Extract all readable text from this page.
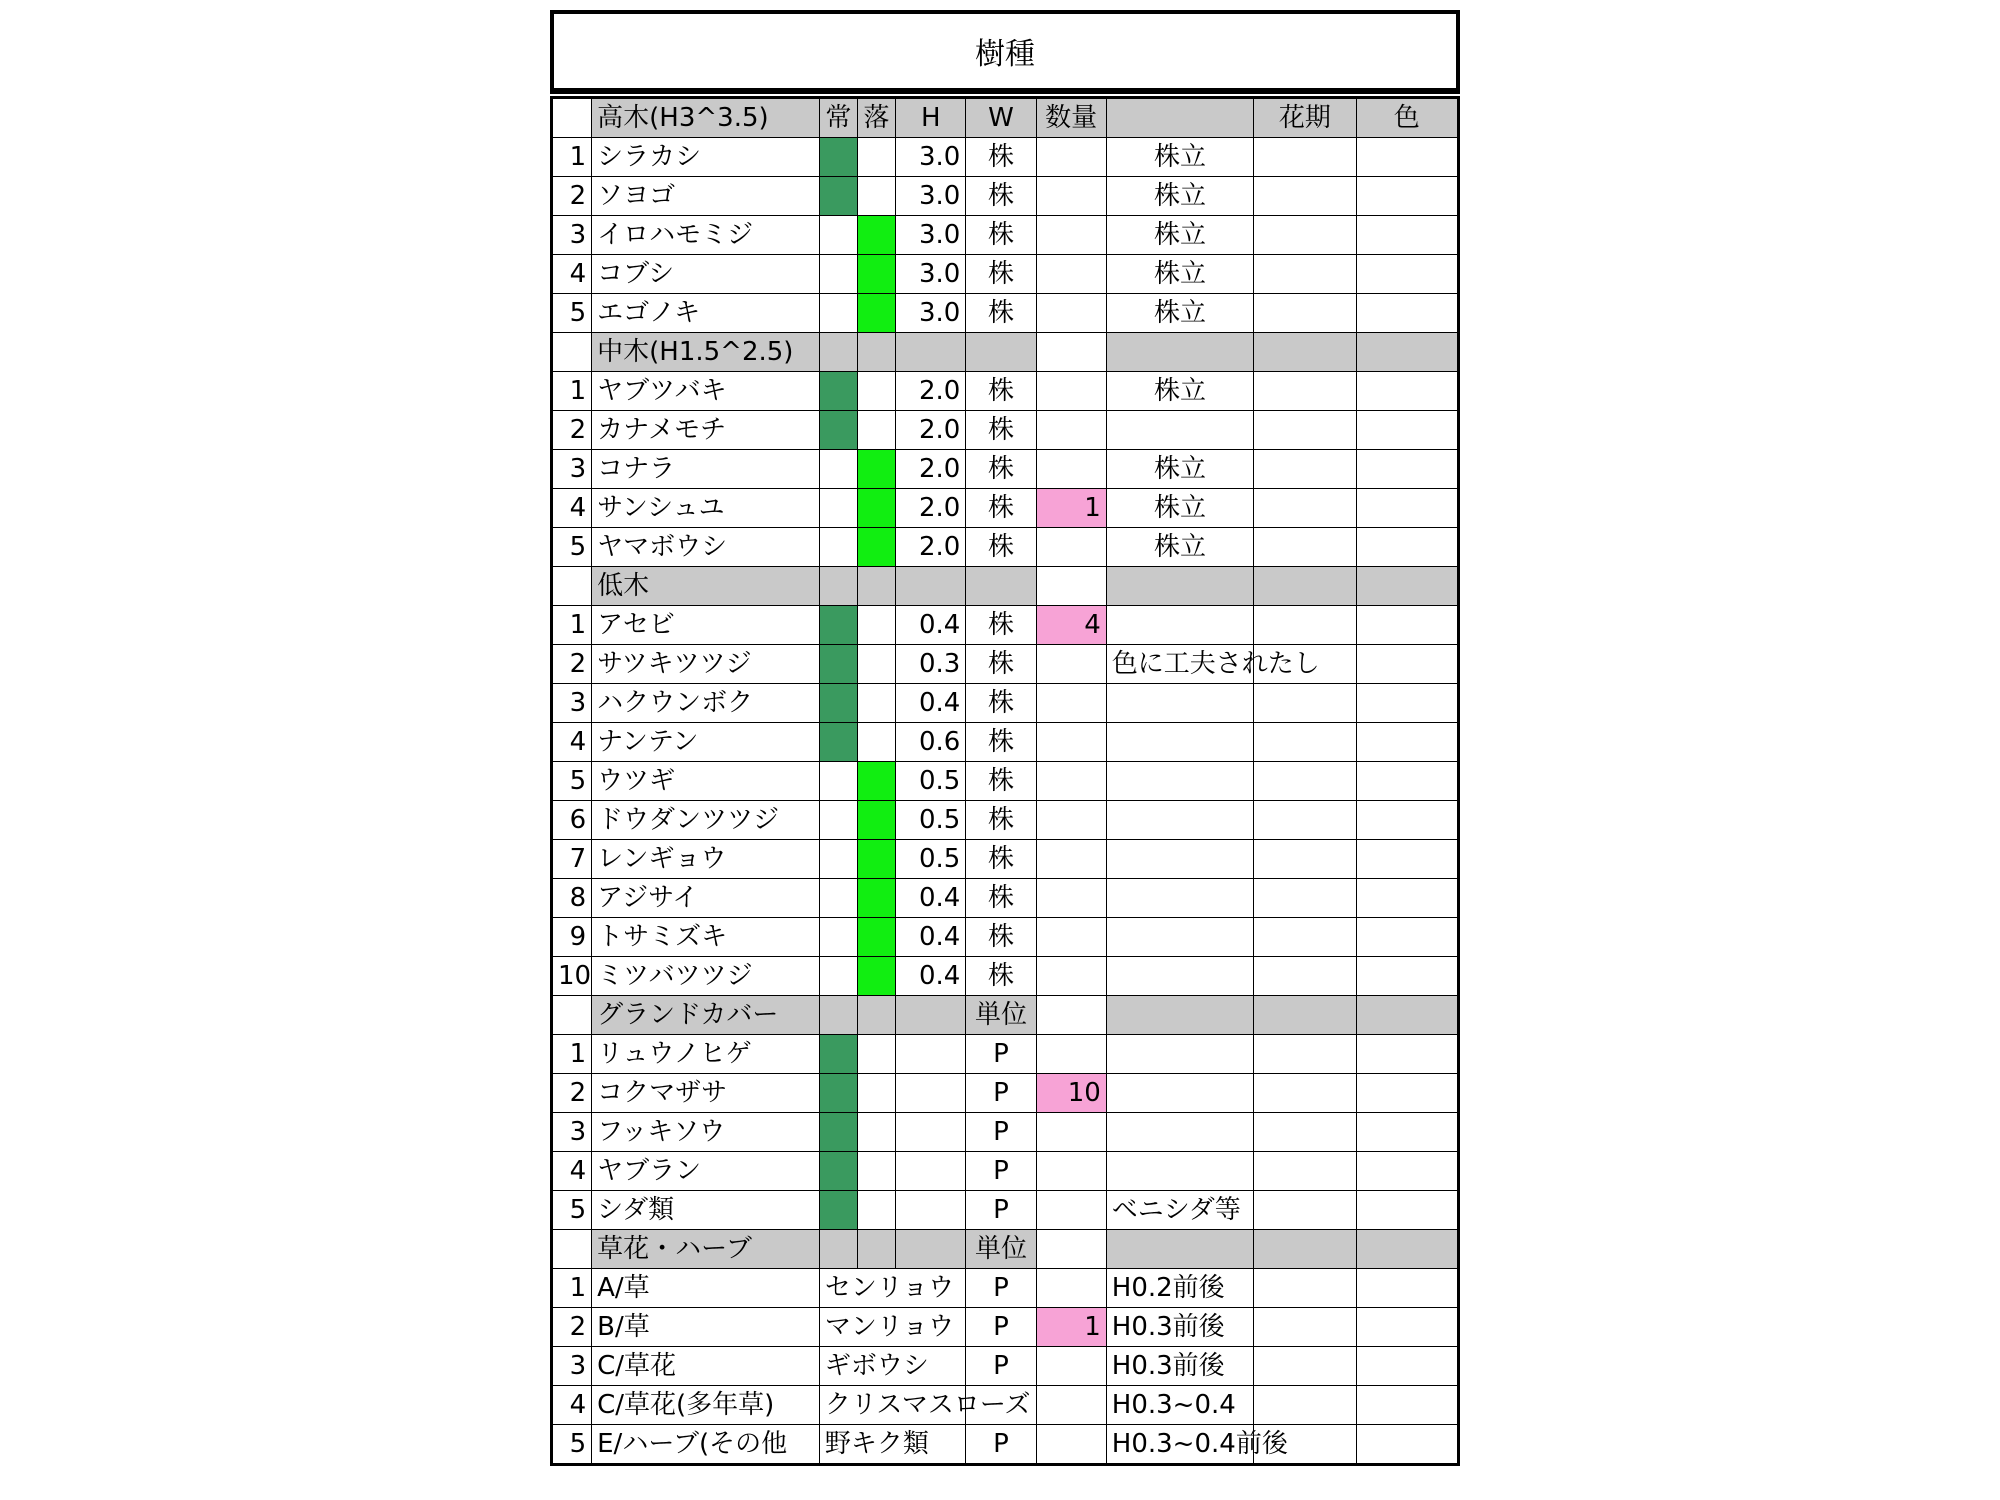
樹種
	高木(H3^3.5)	常	落	H	W	数量		花期	色
1	シラカシ			3.0	株		株立		
2	ソヨゴ			3.0	株		株立		
3	イロハモミジ			3.0	株		株立		
4	コブシ			3.0	株		株立		
5	エゴノキ			3.0	株		株立		
	中木(H1.5^2.5)								
1	ヤブツバキ			2.0	株		株立		
2	カナメモチ			2.0	株				
3	コナラ			2.0	株		株立		
4	サンシュユ			2.0	株	1	株立		
5	ヤマボウシ			2.0	株		株立		
	低木								
1	アセビ			0.4	株	4			
2	サツキツツジ			0.3	株		色に工夫されたし		
3	ハクウンボク			0.4	株				
4	ナンテン			0.6	株				
5	ウツギ			0.5	株				
6	ドウダンツツジ			0.5	株				
7	レンギョウ			0.5	株				
8	アジサイ			0.4	株				
9	トサミズキ			0.4	株				
10	ミツバツツジ			0.4	株				
	グランドカバー				単位				
1	リュウノヒゲ				P				
2	コクマザサ				P	10			
3	フッキソウ				P				
4	ヤブラン				P				
5	シダ類				P		ベニシダ等		
	草花・ハーブ				単位				
1	A/草	センリョウ			P		H0.2前後		
2	B/草	マンリョウ			P	1	H0.3前後		
3	C/草花	ギボウシ			P		H0.3前後		
4	C/草花(多年草)	クリスマスローズ					H0.3~0.4		
5	E/ハーブ(その他	野キク類			P		H0.3~0.4前後		
